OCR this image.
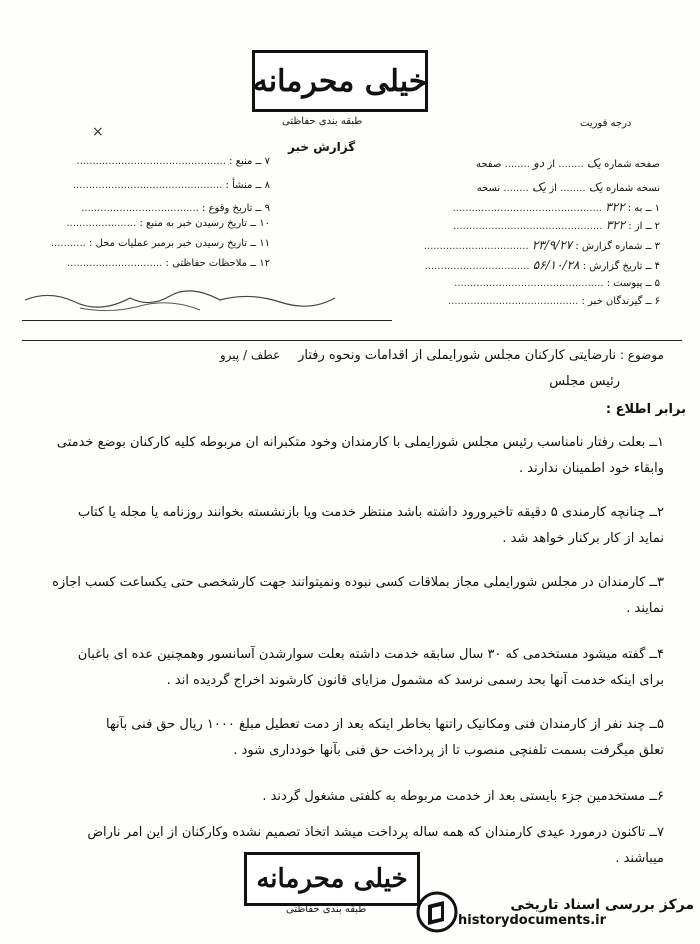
خیلی محرمانه
طبقه بندی حفاظتی	درجه فوریت
گزارش خبر
×
۷ ــ منبع : ...............................................
۸ ــ منشأ : ...............................................
۹ ــ تاریخ وقوع : .....................................
۱۰ ــ تاریخ رسیدن خبر به منبع : ......................
۱۱ ــ تاریخ رسیدن خبر برمبر عملیات محل : ...........
۱۲ ــ ملاحظات حفاظتی : ..............................
صفحه شماره یک ........ از دو ........ صفحه
نسخه شماره یک ........ از یک ........ نسخه
۱ ــ به : ۳۲۲ ...............................................
۲ ــ از : ۳۲۲ ...............................................
۳ ــ شماره گزارش : ۲۳/۹/۲۷ .................................
۴ ــ تاریخ گزارش : ۵۶/۱۰/۲۸ .................................
۵ ــ پیوست : ...............................................
۶ ــ گیرندگان خبر : .........................................
موضوع : نارضایتی کارکنان مجلس شورایملی از اقدامات ونحوه رفتار عطف / پیرو
رئیس مجلس
برابر اطلاع :
۱ــ بعلت رفتار نامناسب رئیس مجلس شورایملی با کارمندان وخود متکبرانه ان مربوطه کلیه کارکنان بوضع خدمتی
وابقاء خود اطمینان ندارند .
۲ــ چنانچه کارمندی ۵ دقیقه تاخیرورود داشته باشد منتظر خدمت ویا بازنشسته بخوانند روزنامه یا مجله یا کتاب
نماید از کار برکنار خواهد شد .
۳ــ کارمندان در مجلس شورایملی مجاز بملاقات کسی نبوده ونمیتوانند جهت کارشخصی حتی یکساعت کسب اجازه
نمایند .
۴ــ گفته میشود مستخدمی که ۳۰ سال سابقه خدمت داشته بعلت سوارشدن آسانسور وهمچنین عده ای باغبان
برای اینکه خدمت آنها بحد رسمی نرسد که مشمول مزایای قانون کارشوند اخراج گردیده اند .
۵ــ چند نفر از کارمندان فنی ومکانیک راتنها بخاطر اینکه بعد از دمت تعطیل مبلغ ۱۰۰۰ ریال حق فنی بآنها
تعلق میگرفت بسمت تلفنچی منصوب تا از پرداخت حق فنی بآنها خودداری شود .
۶ــ مستخدمین جزء بایستی بعد از خدمت مربوطه به کلفتی مشغول گردند .
۷ــ تاکنون درمورد عیدی کارمندان که همه ساله پرداخت میشد اتخاذ تصمیم نشده وکارکنان از این امر ناراض
میباشند .
خیلی محرمانه
طبقه بندی حفاظتی	مرکز بررسی اسناد تاریخی
historydocuments.ir
